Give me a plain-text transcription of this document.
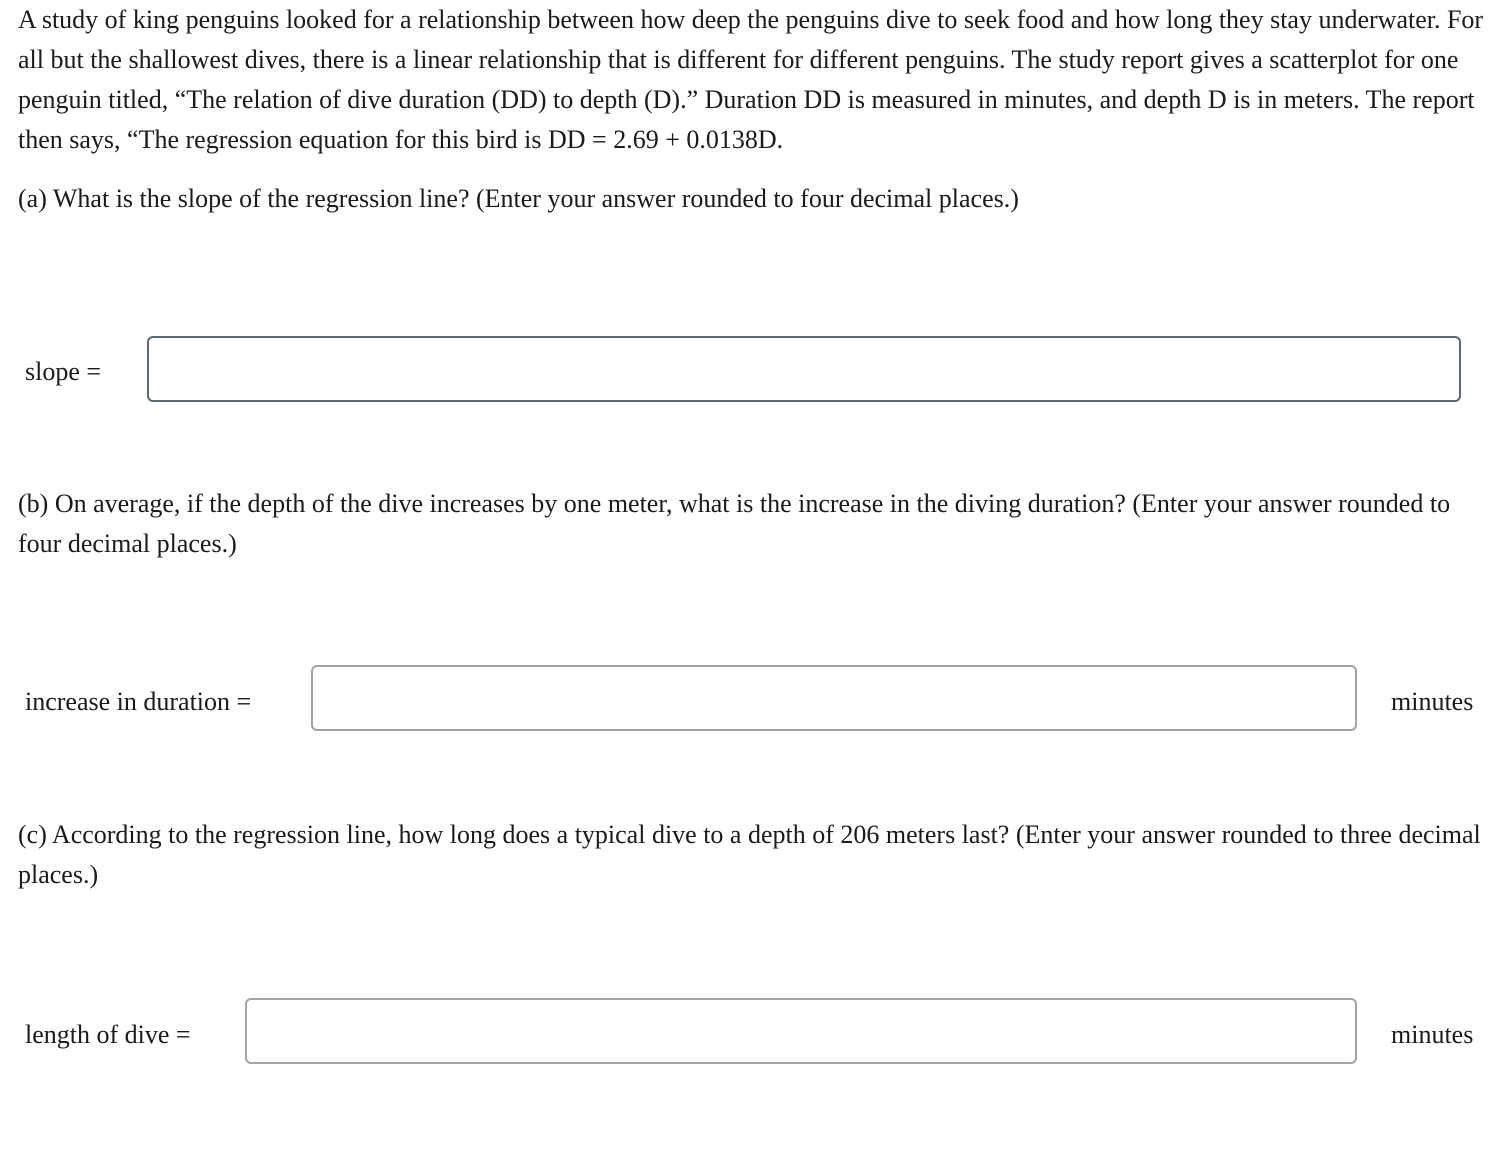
A study of king penguins looked for a relationship between how deep the penguins dive to seek food and how long they stay underwater. For all but the shallowest dives, there is a linear relationship that is different for different penguins. The study report gives a scatterplot for one penguin titled, “The relation of dive duration (DD) to depth (D).” Duration DD is measured in minutes, and depth D is in meters. The report then says, “The regression equation for this bird is DD = 2.69 + 0.0138D.

(a) What is the slope of the regression line? (Enter your answer rounded to four decimal places.)

slope =

(b) On average, if the depth of the dive increases by one meter, what is the increase in the diving duration? (Enter your answer rounded to four decimal places.)

increase in duration =	minutes

(c) According to the regression line, how long does a typical dive to a depth of 206 meters last? (Enter your answer rounded to three decimal places.)

length of dive =	minutes
